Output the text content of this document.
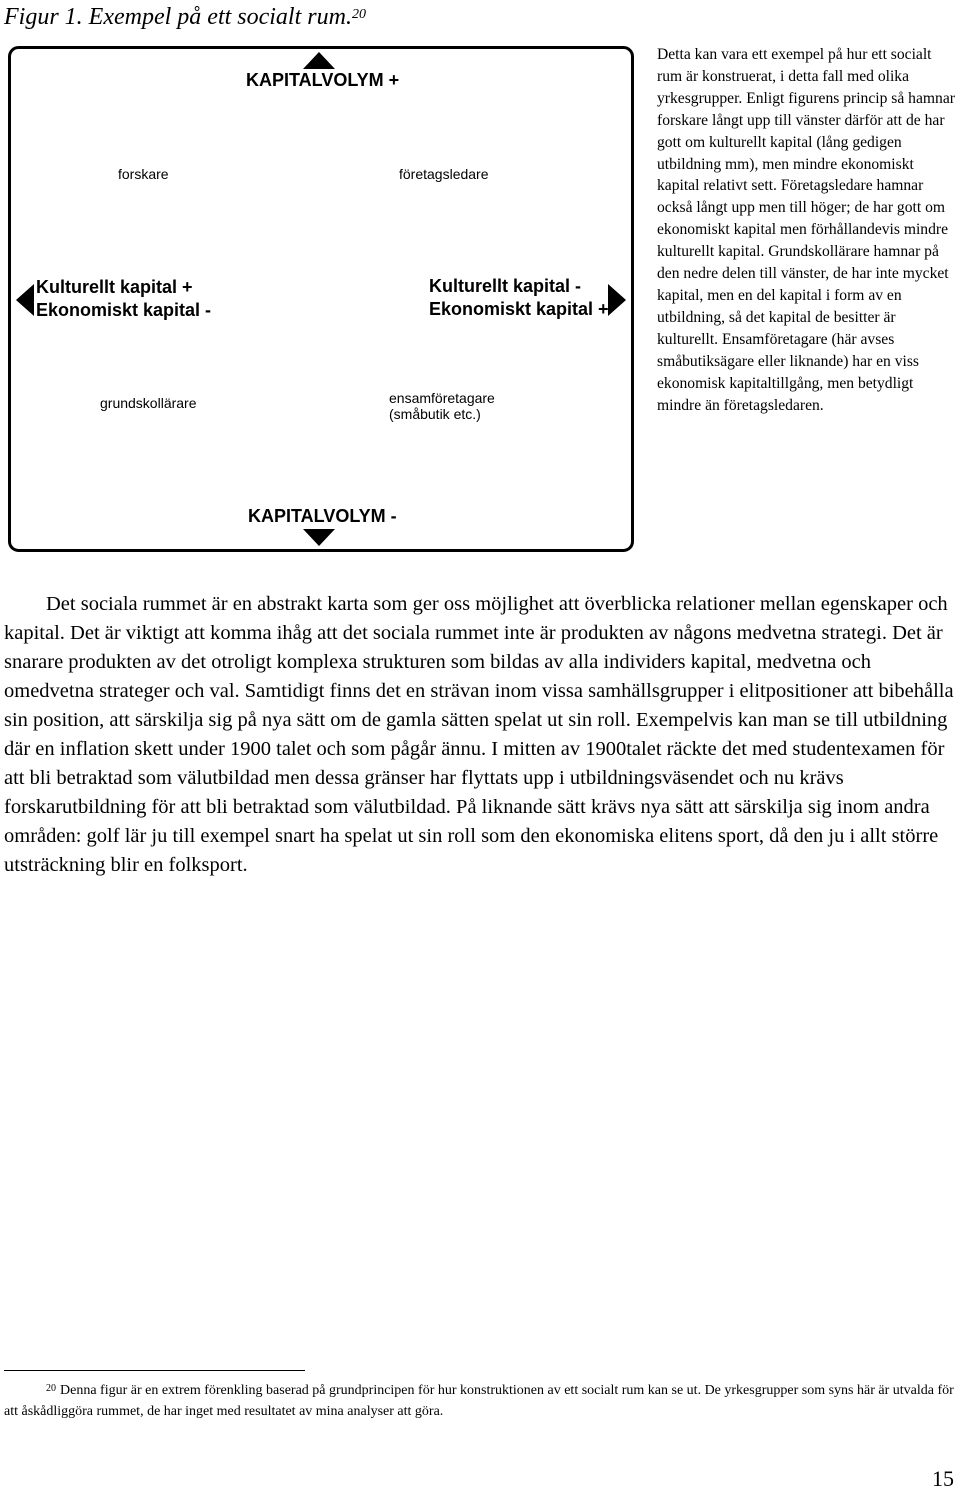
Figur 1. Exempel på ett socialt rum.$^{20}$
KAPITALVOLYM +
KAPITALVOLYM -
forskare	företagsledare
grundskollärare	ensamföretagare
(småbutik etc.)
Kulturellt kapital +
Ekonomiskt kapital -
Kulturellt kapital -
Ekonomiskt kapital +
Detta kan vara ett exempel på hur ett socialt rum är konstruerat, i detta fall med olika yrkesgrupper. Enligt figurens princip så hamnar forskare långt upp till vänster därför att de har gott om kulturellt kapital (lång gedigen utbildning mm), men mindre ekonomiskt kapital relativt sett. Företagsledare hamnar också långt upp men till höger; de har gott om ekonomiskt kapital men förhållandevis mindre kulturellt kapital. Grundskollärare hamnar på den nedre delen till vänster, de har inte mycket kapital, men en del kapital i form av en utbildning, så det kapital de besitter är kulturellt. Ensamföretagare (här avses småbutiksägare eller liknande) har en viss ekonomisk kapitaltillgång, men betydligt mindre än företagsledaren.
Det sociala rummet är en abstrakt karta som ger oss möjlighet att överblicka relationer mellan egenskaper och kapital. Det är viktigt att komma ihåg att det sociala rummet inte är produkten av någons medvetna strategi. Det är snarare produkten av det otroligt komplexa strukturen som bildas av alla individers kapital, medvetna och omedvetna strateger och val. Samtidigt finns det en strävan inom vissa samhällsgrupper i elitpositioner att bibehålla sin position, att särskilja sig på nya sätt om de gamla sätten spelat ut sin roll. Exempelvis kan man se till utbildning där en inflation skett under 1900 talet och som pågår ännu. I mitten av 1900talet räckte det med studentexamen för att bli betraktad som välutbildad men dessa gränser har flyttats upp i utbildningsväsendet och nu krävs forskarutbildning för att bli betraktad som välutbildad. På liknande sätt krävs nya sätt att särskilja sig inom andra områden: golf lär ju till exempel snart ha spelat ut sin roll som den ekonomiska elitens sport, då den ju i allt större utsträckning blir en folksport.
$^{20}$ Denna figur är en extrem förenkling baserad på grundprincipen för hur konstruktionen av ett socialt rum kan se ut. De yrkesgrupper som syns här är utvalda för att åskådliggöra rummet, de har inget med resultatet av mina analyser att göra.
15
